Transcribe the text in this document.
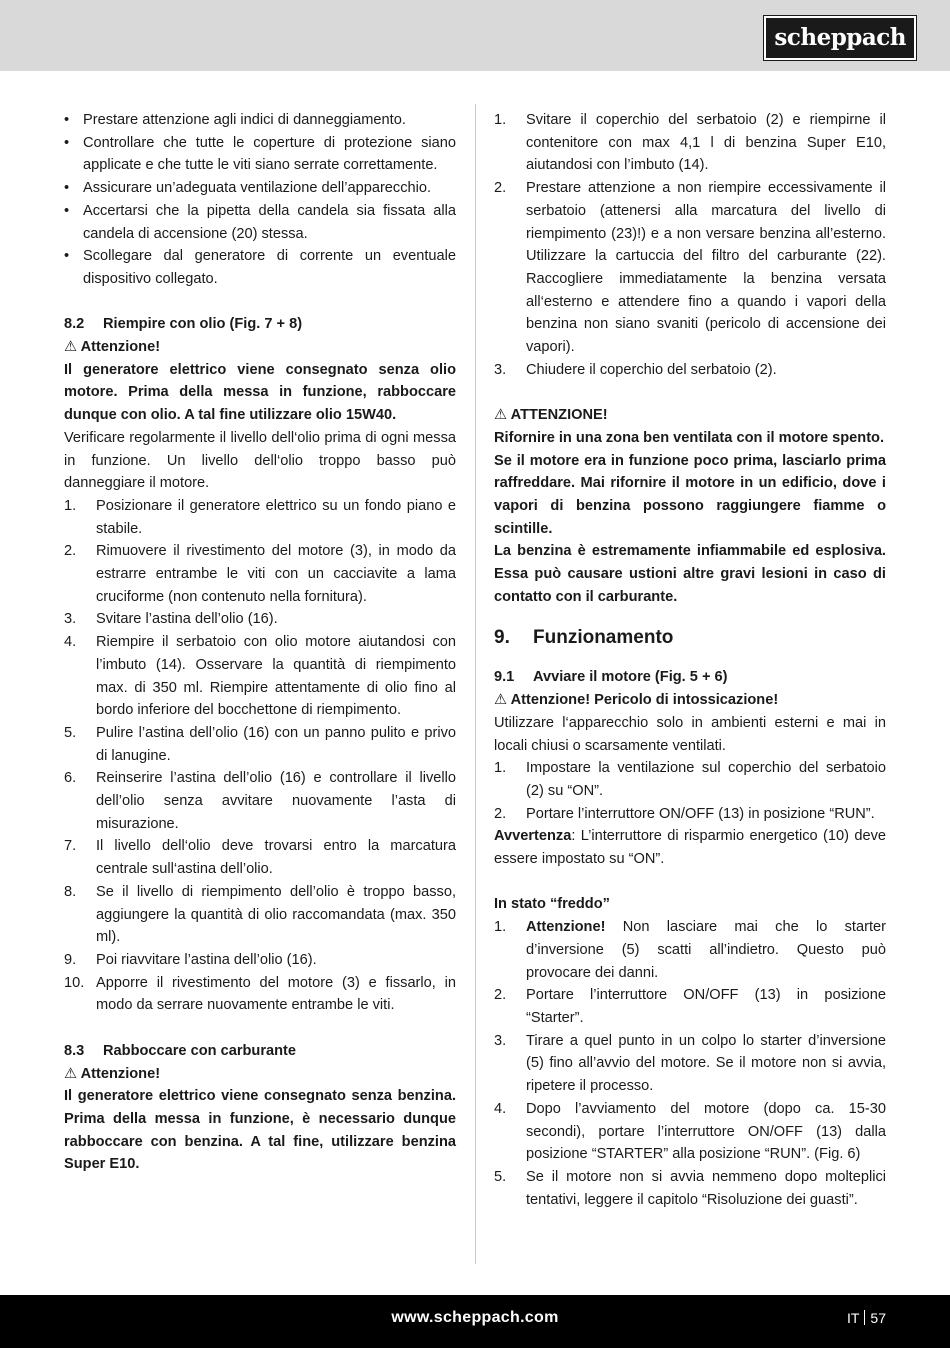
scheppach
• Prestare attenzione agli indici di danneggiamento.
• Controllare che tutte le coperture di protezione siano applicate e che tutte le viti siano serrate correttamente.
• Assicurare un’adeguata ventilazione dell’apparecchio.
• Accertarsi che la pipetta della candela sia fissata alla candela di accensione (20) stessa.
• Scollegare dal generatore di corrente un eventuale dispositivo collegato.
8.2 Riempire con olio (Fig. 7 + 8)
⚠ Attenzione!

Il generatore elettrico viene consegnato senza olio motore. Prima della messa in funzione, rabboccare dunque con olio. A tal fine utilizzare olio 15W40.

Verificare regolarmente il livello dell‘olio prima di ogni messa in funzione. Un livello dell‘olio troppo basso può danneggiare il motore.

1. Posizionare il generatore elettrico su un fondo piano e stabile.
2. Rimuovere il rivestimento del motore (3), in modo da estrarre entrambe le viti con un cacciavite a lama cruciforme (non contenuto nella fornitura).
3. Svitare l’astina dell’olio (16).
4. Riempire il serbatoio con olio motore aiutandosi con l’imbuto (14). Osservare la quantità di riempimento max. di 350 ml. Riempire attentamente di olio fino al bordo inferiore del bocchettone di riempimento.
5. Pulire l’astina dell’olio (16) con un panno pulito e privo di lanugine.
6. Reinserire l’astina dell’olio (16) e controllare il livello dell’olio senza avvitare nuovamente l’asta di misurazione.
7. Il livello dell‘olio deve trovarsi entro la marcatura centrale sull‘astina dell’olio.
8. Se il livello di riempimento dell’olio è troppo basso, aggiungere la quantità di olio raccomandata (max. 350 ml).
9. Poi riavvitare l’astina dell’olio (16).
10. Apporre il rivestimento del motore (3) e fissarlo, in modo da serrare nuovamente entrambe le viti.
8.3 Rabboccare con carburante
⚠ Attenzione!

Il generatore elettrico viene consegnato senza benzina. Prima della messa in funzione, è necessario dunque rabboccare con benzina. A tal fine, utilizzare benzina Super E10.

1. Svitare il coperchio del serbatoio (2) e riempirne il contenitore con max 4,1 l di benzina Super E10, aiutandosi con l’imbuto (14).
2. Prestare attenzione a non riempire eccessivamente il serbatoio (attenersi alla marcatura del livello di riempimento (23)!) e a non versare benzina all’esterno. Utilizzare la cartuccia del filtro del carburante (22). Raccogliere immediatamente la benzina versata all‘esterno e attendere fino a quando i vapori della benzina non siano svaniti (pericolo di accensione dei vapori).
3. Chiudere il coperchio del serbatoio (2).
⚠ ATTENZIONE!

Rifornire in una zona ben ventilata con il motore spento.

Se il motore era in funzione poco prima, lasciarlo prima raffreddare. Mai rifornire il motore in un edificio, dove i vapori di benzina possono raggiungere fiamme o scintille.

La benzina è estremamente infiammabile ed esplosiva. Essa può causare ustioni altre gravi lesioni in caso di contatto con il carburante.

9. Funzionamento
9.1 Avviare il motore (Fig. 5 + 6)
⚠ Attenzione! Pericolo di intossicazione!

Utilizzare l‘apparecchio solo in ambienti esterni e mai in locali chiusi o scarsamente ventilati.

1. Impostare la ventilazione sul coperchio del serbatoio (2) su “ON”.
2. Portare l’interruttore ON/OFF (13) in posizione “RUN”.

Avvertenza: L’interruttore di risparmio energetico (10) deve essere impostato su “ON”.

In stato “freddo”
1. Attenzione! Non lasciare mai che lo starter d’inversione (5) scatti all’indietro. Questo può provocare dei danni.
2. Portare l’interruttore ON/OFF (13) in posizione “Starter”.
3. Tirare a quel punto in un colpo lo starter d’inversione (5) fino all’avvio del motore. Se il motore non si avvia, ripetere il processo.
4. Dopo l’avviamento del motore (dopo ca. 15-30 secondi), portare l’interruttore ON/OFF (13) dalla posizione “STARTER” alla posizione “RUN”. (Fig. 6)
5. Se il motore non si avvia nemmeno dopo molteplici tentativi, leggere il capitolo “Risoluzione dei guasti”.
www.scheppach.com	IT 57
